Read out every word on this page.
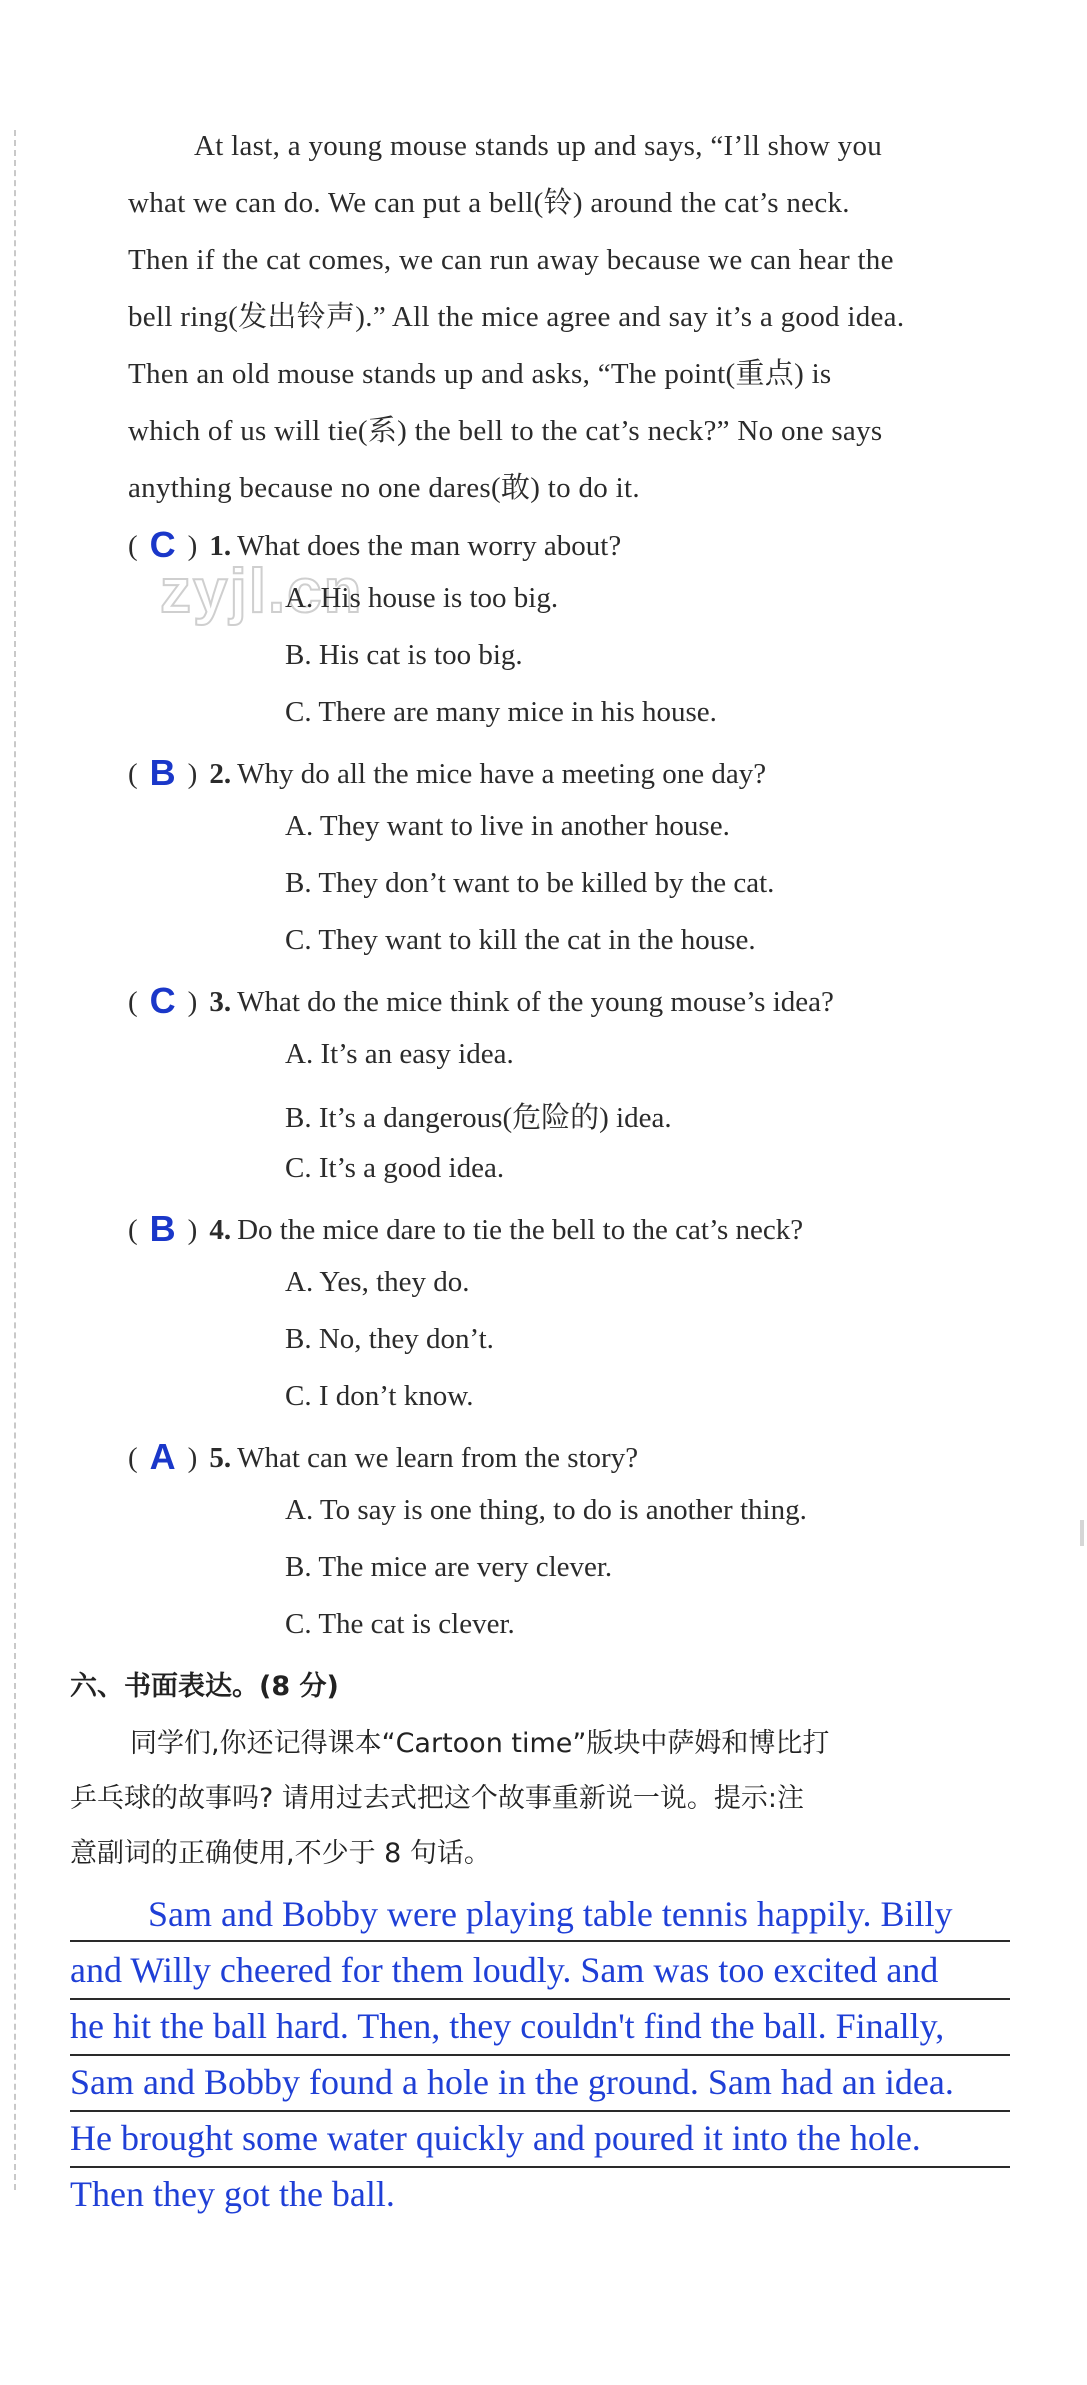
At last, a young mouse stands up and says, “I’ll show you
what we can do. We can put a bell(铃) around the cat’s neck.
Then if the cat comes, we can run away because we can hear the
bell ring(发出铃声).” All the mice agree and say it’s a good idea.
Then an old mouse stands up and asks, “The point(重点) is
which of us will tie(系) the bell to the cat’s neck?” No one says
anything because no one dares(敢) to do it.
zyjl.cn
( C ) 1. What does the man worry about?
A. His house is too big.
B. His cat is too big.
C. There are many mice in his house.
( B ) 2. Why do all the mice have a meeting one day?
A. They want to live in another house.
B. They don’t want to be killed by the cat.
C. They want to kill the cat in the house.
( C ) 3. What do the mice think of the young mouse’s idea?
A. It’s an easy idea.
B. It’s a dangerous(危险的) idea.
C. It’s a good idea.
( B ) 4. Do the mice dare to tie the bell to the cat’s neck?
A. Yes, they do.
B. No, they don’t.
C. I don’t know.
( A ) 5. What can we learn from the story?
A. To say is one thing, to do is another thing.
B. The mice are very clever.
C. The cat is clever.
六、书面表达。(8 分)
同学们,你还记得课本“Cartoon time”版块中萨姆和博比打
乒乓球的故事吗? 请用过去式把这个故事重新说一说。提示:注
意副词的正确使用,不少于 8 句话。
Sam and Bobby were playing table tennis happily. Billy
and Willy cheered for them loudly. Sam was too excited and
he hit the ball hard. Then, they couldn't find the ball. Finally,
Sam and Bobby found a hole in the ground. Sam had an idea.
He brought some water quickly and poured it into the hole.
Then they got the ball.
